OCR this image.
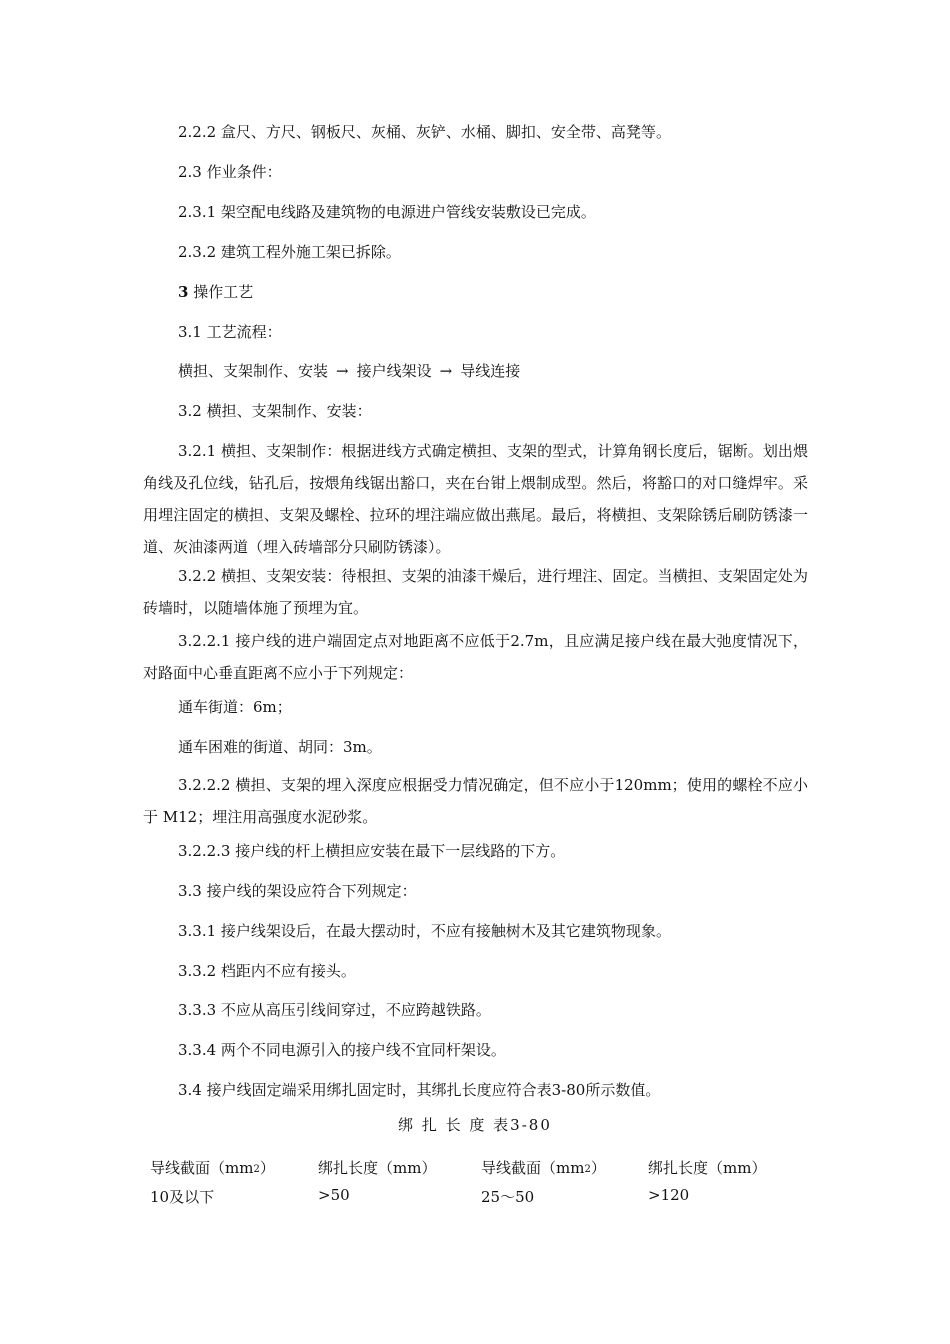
2.2.2 盒尺、方尺、钢板尺、灰桶、灰铲、水桶、脚扣、安全带、高凳等。
2.3 作业条件：
2.3.1 架空配电线路及建筑物的电源进户管线安装敷设已完成。
2.3.2 建筑工程外施工架已拆除。
3 操作工艺
3.1 工艺流程：
横担、支架制作、安装 → 接户线架设 → 导线连接
3.2 横担、支架制作、安装：
3.2.1 横担、支架制作：根据进线方式确定横担、支架的型式，计算角钢长度后，锯断。划出煨角线及孔位线，钻孔后，按煨角线锯出豁口，夹在台钳上煨制成型。然后，将豁口的对口缝焊牢。采用埋注固定的横担、支架及螺栓、拉环的埋注端应做出燕尾。最后，将横担、支架除锈后刷防锈漆一道、灰油漆两道（埋入砖墙部分只刷防锈漆）。
3.2.2 横担、支架安装：待根担、支架的油漆干燥后，进行埋注、固定。当横担、支架固定处为砖墙时，以随墙体施了预埋为宜。
3.2.2.1 接户线的进户端固定点对地距离不应低于2.7m，且应满足接户线在最大弛度情况下，对路面中心垂直距离不应小于下列规定：
通车街道：6m；
通车困难的街道、胡同：3m。
3.2.2.2 横担、支架的埋入深度应根据受力情况确定，但不应小于120mm；使用的螺栓不应小于 M12；埋注用高强度水泥砂浆。
3.2.2.3 接户线的杆上横担应安装在最下一层线路的下方。
3.3 接户线的架设应符合下列规定：
3.3.1 接户线架设后，在最大摆动时，不应有接触树木及其它建筑物现象。
3.3.2 档距内不应有接头。
3.3.3 不应从高压引线间穿过，不应跨越铁路。
3.3.4 两个不同电源引入的接户线不宜同杆架设。
3.4 接户线固定端采用绑扎固定时，其绑扎长度应符合表3-80所示数值。
绑 扎 长 度 表3-80
导线截面$(mm_2)$	绑扎长度（mm）	导线截面$(mm_2)$	绑扎长度（mm）
10及以下	>50	25～50	>120
